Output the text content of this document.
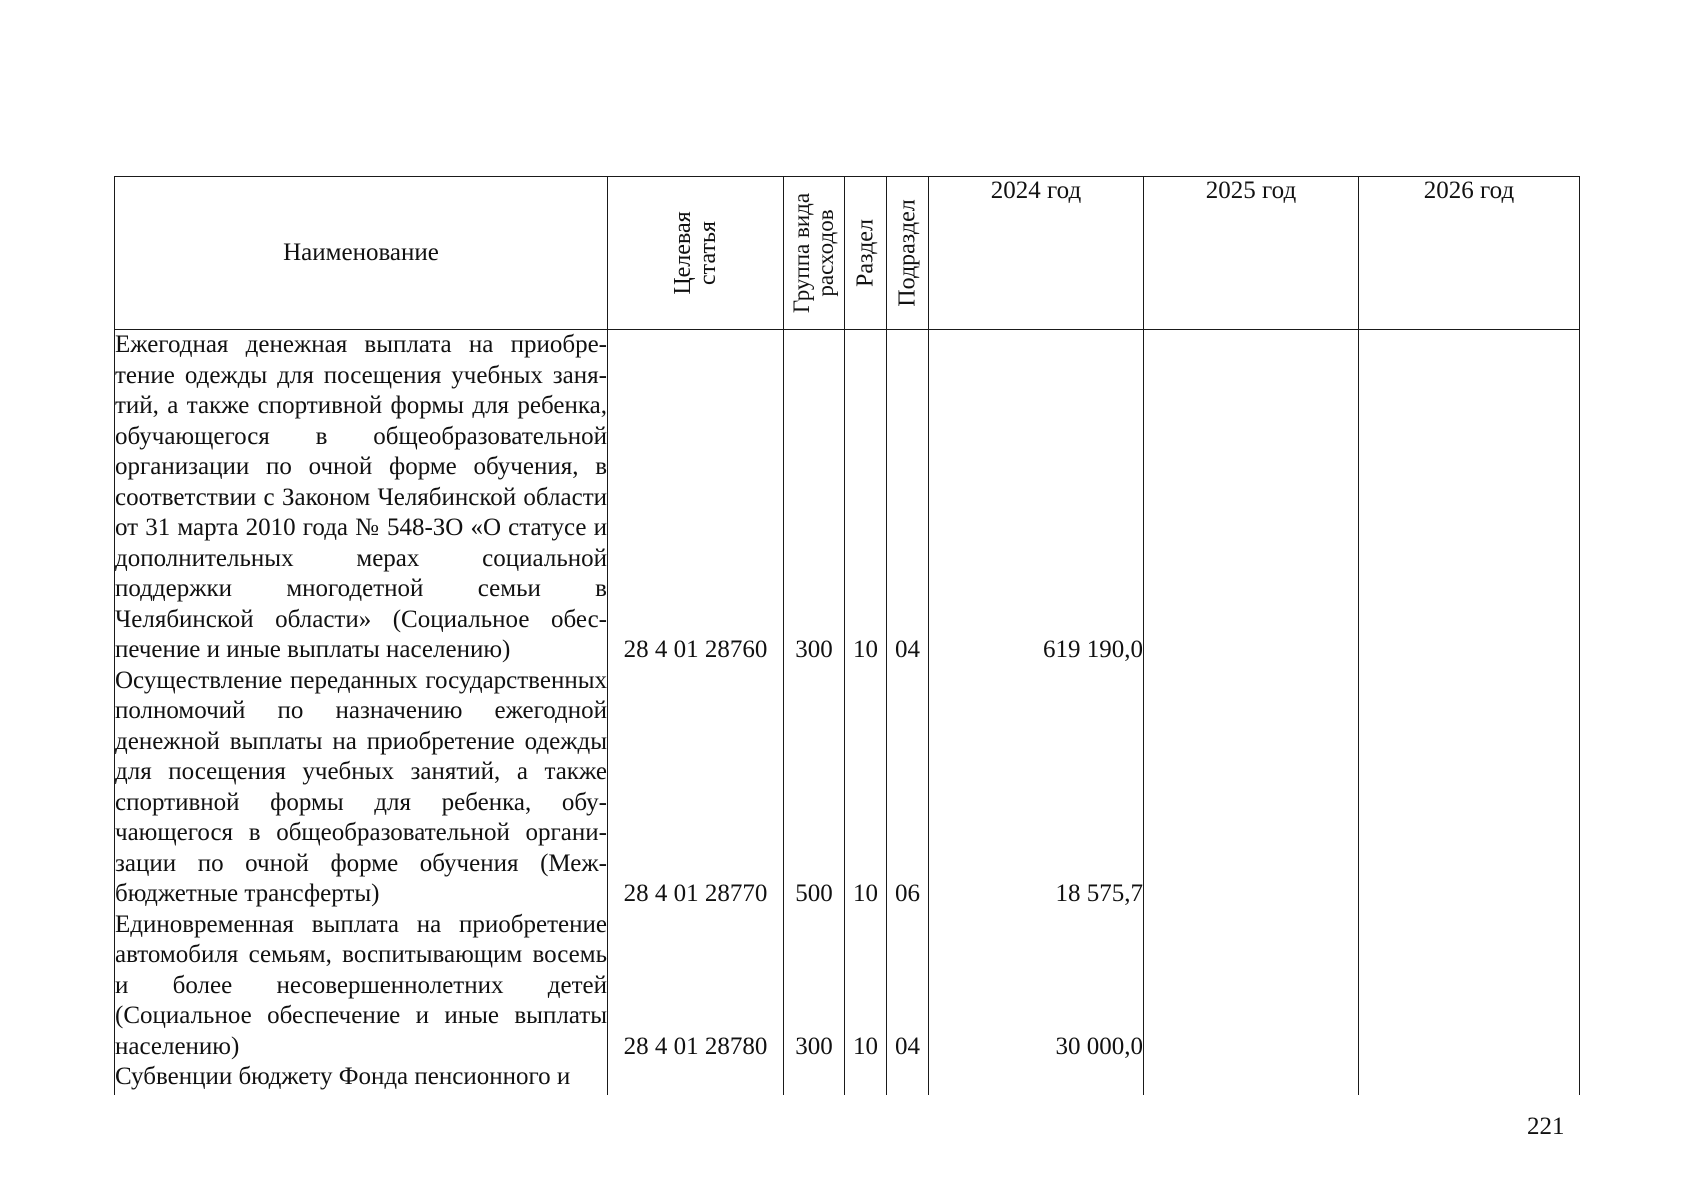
Наименование	Целевая статья	Группа вида расходов	Раздел	Подраздел	2024 год	2025 год	2026 год
Ежегодная денежная выплата на приобретение одежды для посещения учебных занятий, а также спортивной формы для ребенка, обучающегося в общеобразовательной организации по очной форме обучения, в соответствии с Законом Челябинской области от 31 марта 2010 года № 548-ЗО «О статусе и дополнительных мерах социальной поддержки многодетной семьи в Челябинской области» (Социальное обеспечение и иные выплаты населению)	28 4 01 28760	300	10	04	619 190,0		
Осуществление переданных государственных полномочий по назначению ежегодной денежной выплаты на приобретение одежды для посещения учебных занятий, а также спортивной формы для ребенка, обучающегося в общеобразовательной организации по очной форме обучения (Межбюджетные трансферты)	28 4 01 28770	500	10	06	18 575,7		
Единовременная выплата на приобретение автомобиля семьям, воспитывающим восемь и более несовершеннолетних детей (Социальное обеспечение и иные выплаты населению)	28 4 01 28780	300	10	04	30 000,0		
Субвенции бюджету Фонда пенсионного и							
221
